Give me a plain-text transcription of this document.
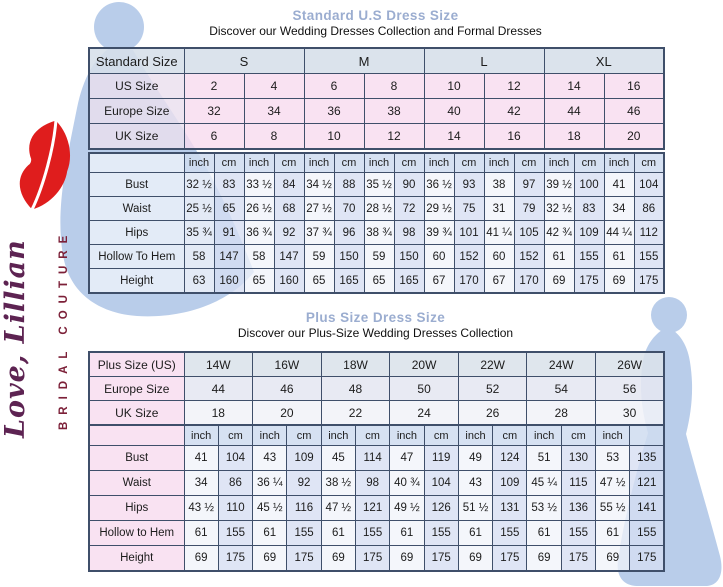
Love, Lillian	BRIDAL COUTURE
Standard U.S Dress Size
Discover our Wedding Dresses Collection and Formal Dresses
Standard Size	S		M		L		XL	
US Size	2	4	6	8	10	12	14	16
Europe Size	32	34	36	38	40	42	44	46
UK Size	6	8	10	12	14	16	18	20
	inch	cm	inch	cm	inch	cm	inch	cm	inch	cm	inch	cm	inch	cm	inch	cm
Bust	32 ½	83	33 ½	84	34 ½	88	35 ½	90	36 ½	93	38	97	39 ½	100	41	104
Waist	25 ½	65	26 ½	68	27 ½	70	28 ½	72	29 ½	75	31	79	32 ½	83	34	86
Hips	35 ¾	91	36 ¾	92	37 ¾	96	38 ¾	98	39 ¾	101	41 ¼	105	42 ¾	109	44 ¼	112
Hollow To Hem	58	147	58	147	59	150	59	150	60	152	60	152	61	155	61	155
Height	63	160	65	160	65	165	65	165	67	170	67	170	69	175	69	175
Plus Size Dress Size
Discover our Plus-Size Wedding Dresses Collection
Plus Size (US)	14W	16W	18W	20W	22W	24W	26W
Europe Size	44	46	48	50	52	54	56
UK Size	18	20	22	24	26	28	30
	inch	cm	inch	cm	inch	cm	inch	cm	inch	cm	inch	cm	inch	
Bust	41	104	43	109	45	114	47	119	49	124	51	130	53	135
Waist	34	86	36 ¼	92	38 ½	98	40 ¾	104	43	109	45 ¼	115	47 ½	121
Hips	43 ½	110	45 ½	116	47 ½	121	49 ½	126	51 ½	131	53 ½	136	55 ½	141
Hollow to Hem	61	155	61	155	61	155	61	155	61	155	61	155	61	155
Height	69	175	69	175	69	175	69	175	69	175	69	175	69	175
